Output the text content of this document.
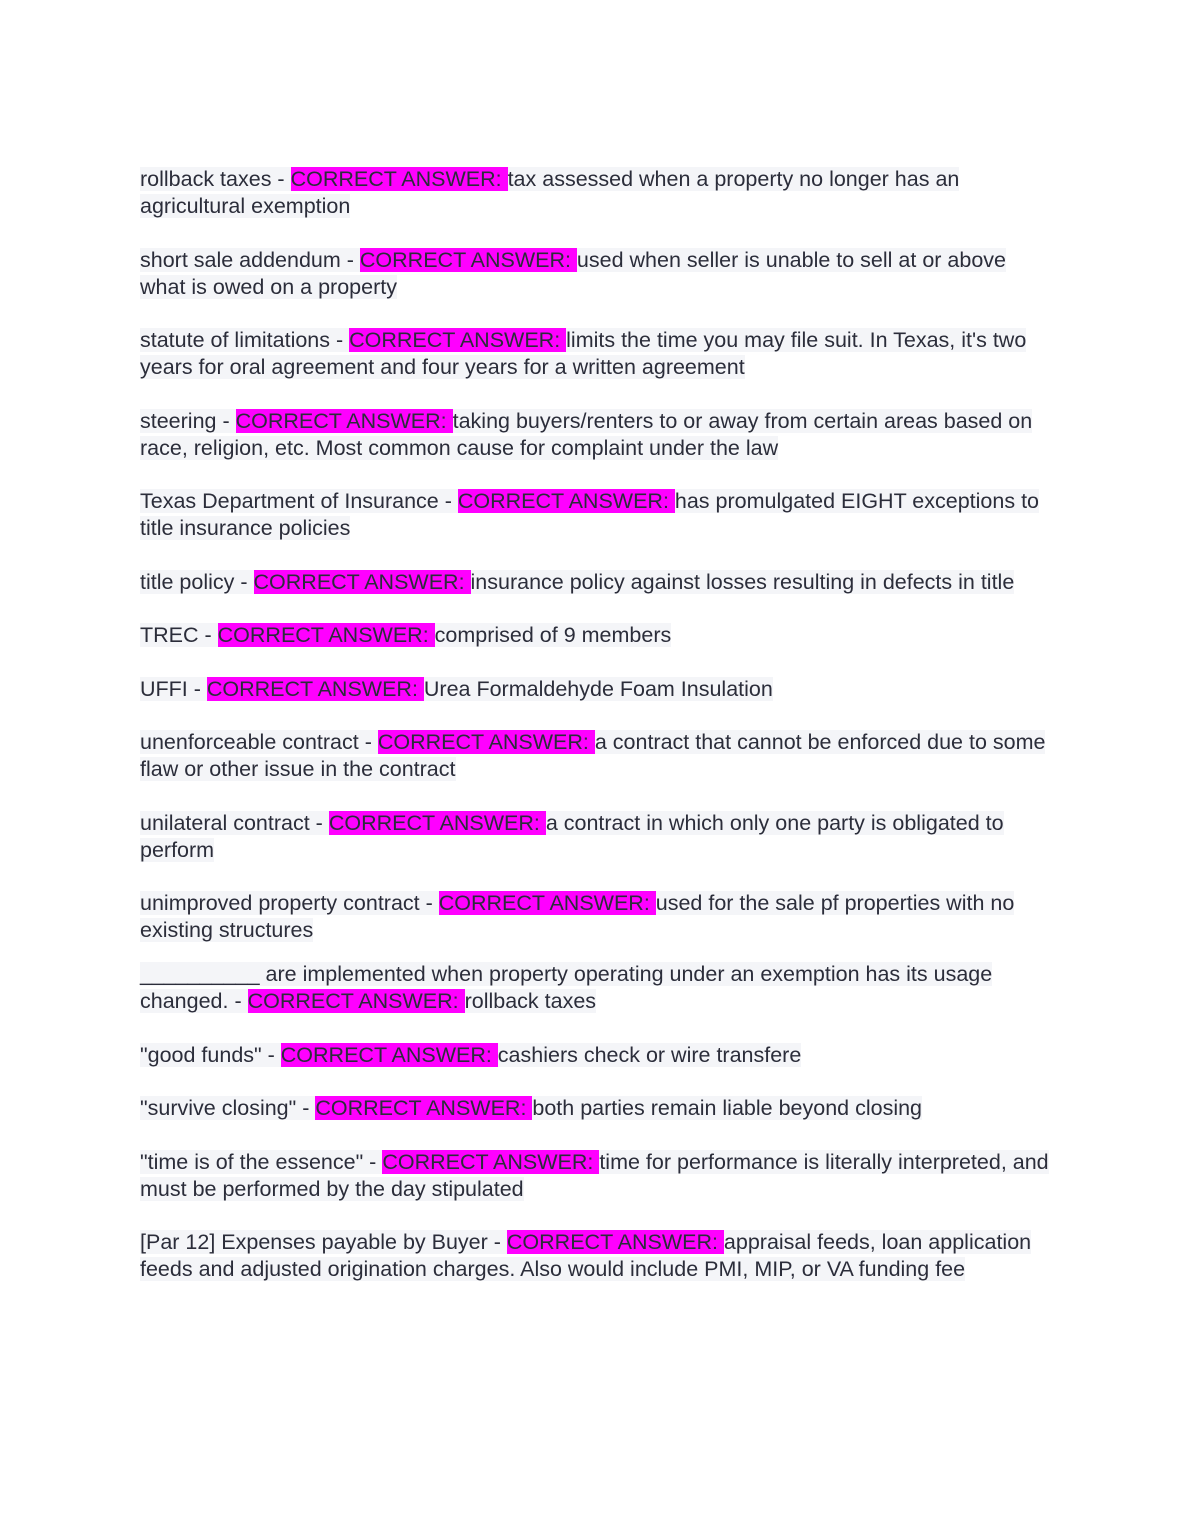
rollback taxes - CORRECT ANSWER: tax assessed when a property no longer has an agricultural exemption
short sale addendum - CORRECT ANSWER: used when seller is unable to sell at or above what is owed on a property
statute of limitations - CORRECT ANSWER: limits the time you may file suit. In Texas, it's two years for oral agreement and four years for a written agreement
steering - CORRECT ANSWER: taking buyers/renters to or away from certain areas based on race, religion, etc. Most common cause for complaint under the law
Texas Department of Insurance - CORRECT ANSWER: has promulgated EIGHT exceptions to title insurance policies
title policy - CORRECT ANSWER: insurance policy against losses resulting in defects in title
TREC - CORRECT ANSWER: comprised of 9 members
UFFI - CORRECT ANSWER: Urea Formaldehyde Foam Insulation
unenforceable contract - CORRECT ANSWER: a contract that cannot be enforced due to some flaw or other issue in the contract
unilateral contract - CORRECT ANSWER: a contract in which only one party is obligated to perform
unimproved property contract - CORRECT ANSWER: used for the sale pf properties with no existing structures
__________ are implemented when property operating under an exemption has its usage changed. - CORRECT ANSWER: rollback taxes
"good funds" - CORRECT ANSWER: cashiers check or wire transfere
"survive closing" - CORRECT ANSWER: both parties remain liable beyond closing
"time is of the essence" - CORRECT ANSWER: time for performance is literally interpreted, and must be performed by the day stipulated
[Par 12] Expenses payable by Buyer - CORRECT ANSWER: appraisal feeds, loan application feeds and adjusted origination charges. Also would include PMI, MIP, or VA funding fee
